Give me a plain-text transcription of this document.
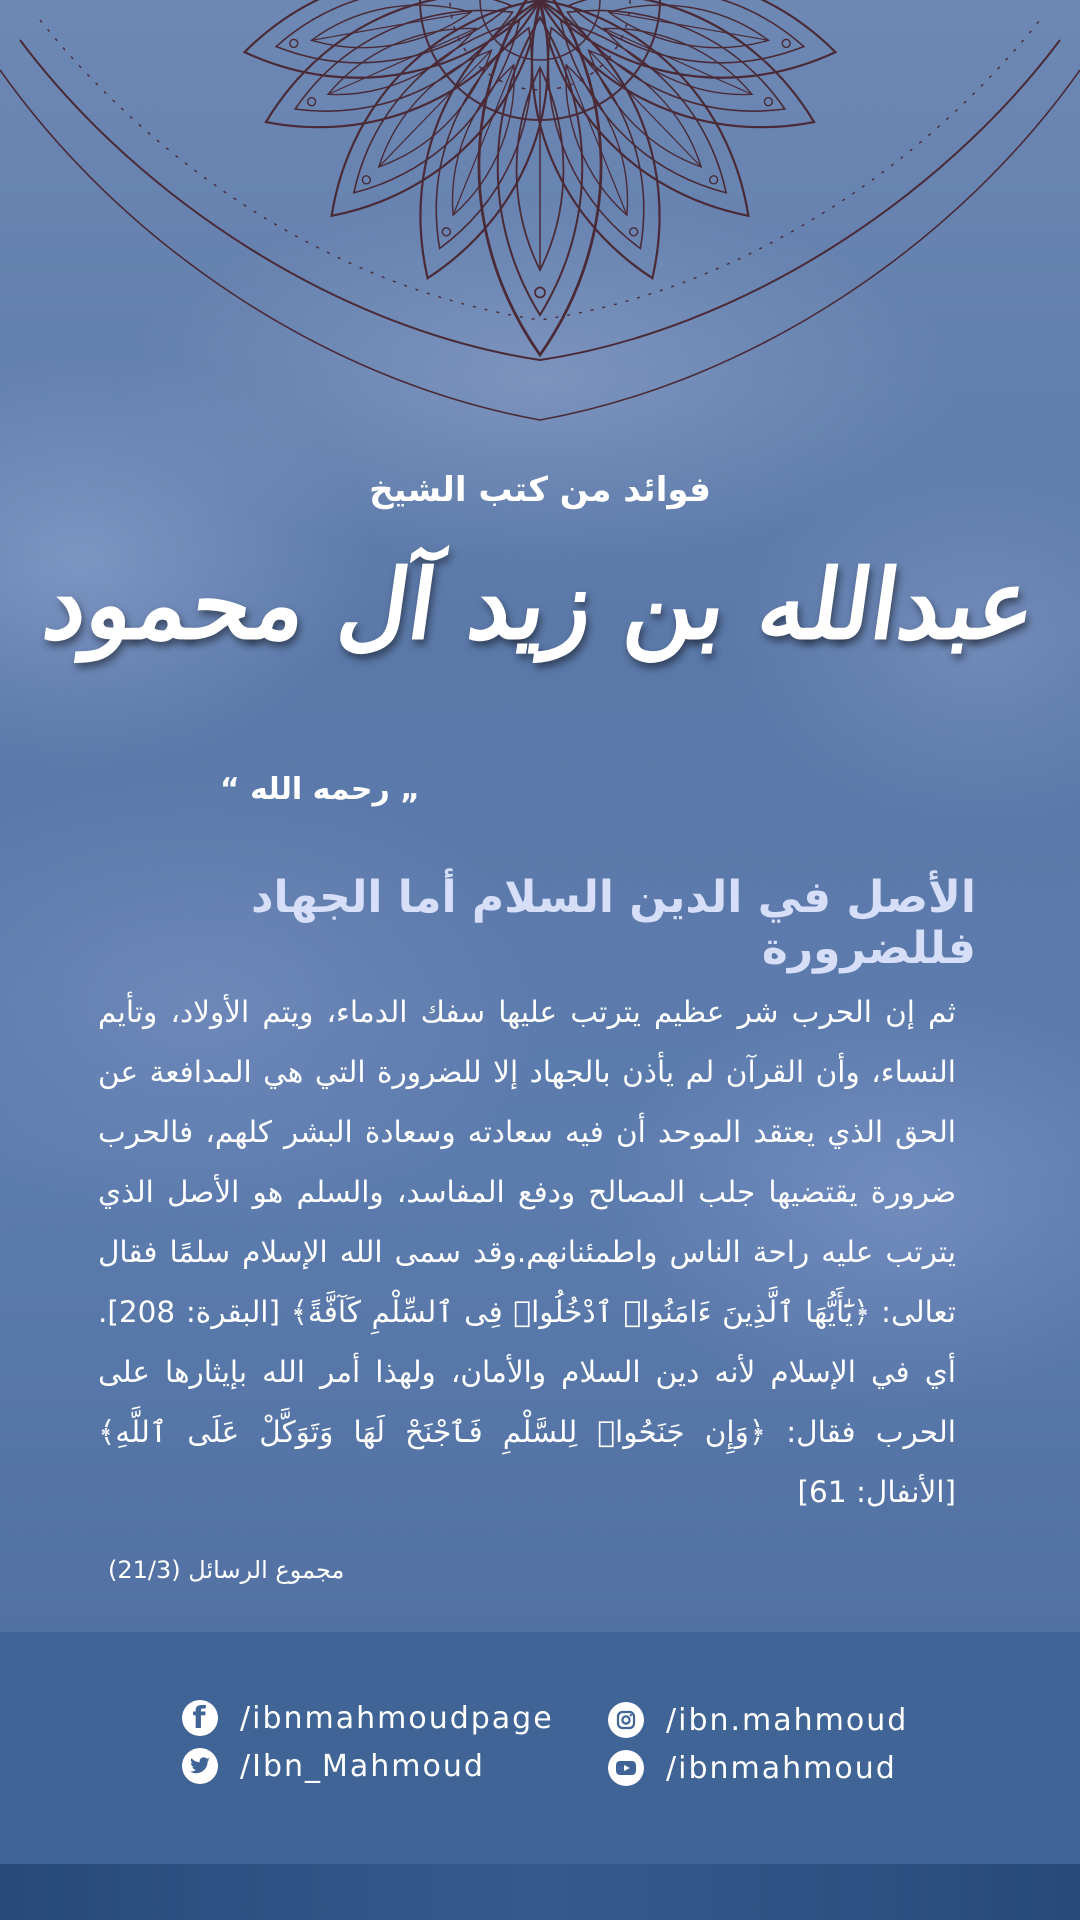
فوائد من كتب الشيخ
عبدالله بن زيد آل محمود
„ رحمه الله “
الأصل في الدين السلام أما الجهاد فللضرورة
ثم إن الحرب شر عظيم يترتب عليها سفك الدماء، ويتم الأولاد، وتأيم النساء، وأن القرآن لم يأذن بالجهاد إلا للضرورة التي هي المدافعة عن الحق الذي يعتقد الموحد أن فيه سعادته وسعادة البشر كلهم، فالحرب ضرورة يقتضيها جلب المصالح ودفع المفاسد، والسلم هو الأصل الذي يترتب عليه راحة الناس واطمئنانهم.وقد سمى الله الإسلام سلمًا فقال تعالى: ﴿يَٰٓأَيُّهَا ٱلَّذِينَ ءَامَنُوا۟ ٱدْخُلُوا۟ فِى ٱلسِّلْمِ كَآفَّةً﴾ [البقرة: 208]. أي في الإسلام لأنه دين السلام والأمان، ولهذا أمر الله بإيثارها على الحرب فقال: ﴿وَإِن جَنَحُوا۟ لِلسَّلْمِ فَٱجْنَحْ لَهَا وَتَوَكَّلْ عَلَى ٱللَّهِ﴾ [الأنفال: 61]
مجموع الرسائل (21/3)
f	/ibnmahmoudpage
/Ibn_Mahmoud
/ibn.mahmoud
/ibnmahmoud
